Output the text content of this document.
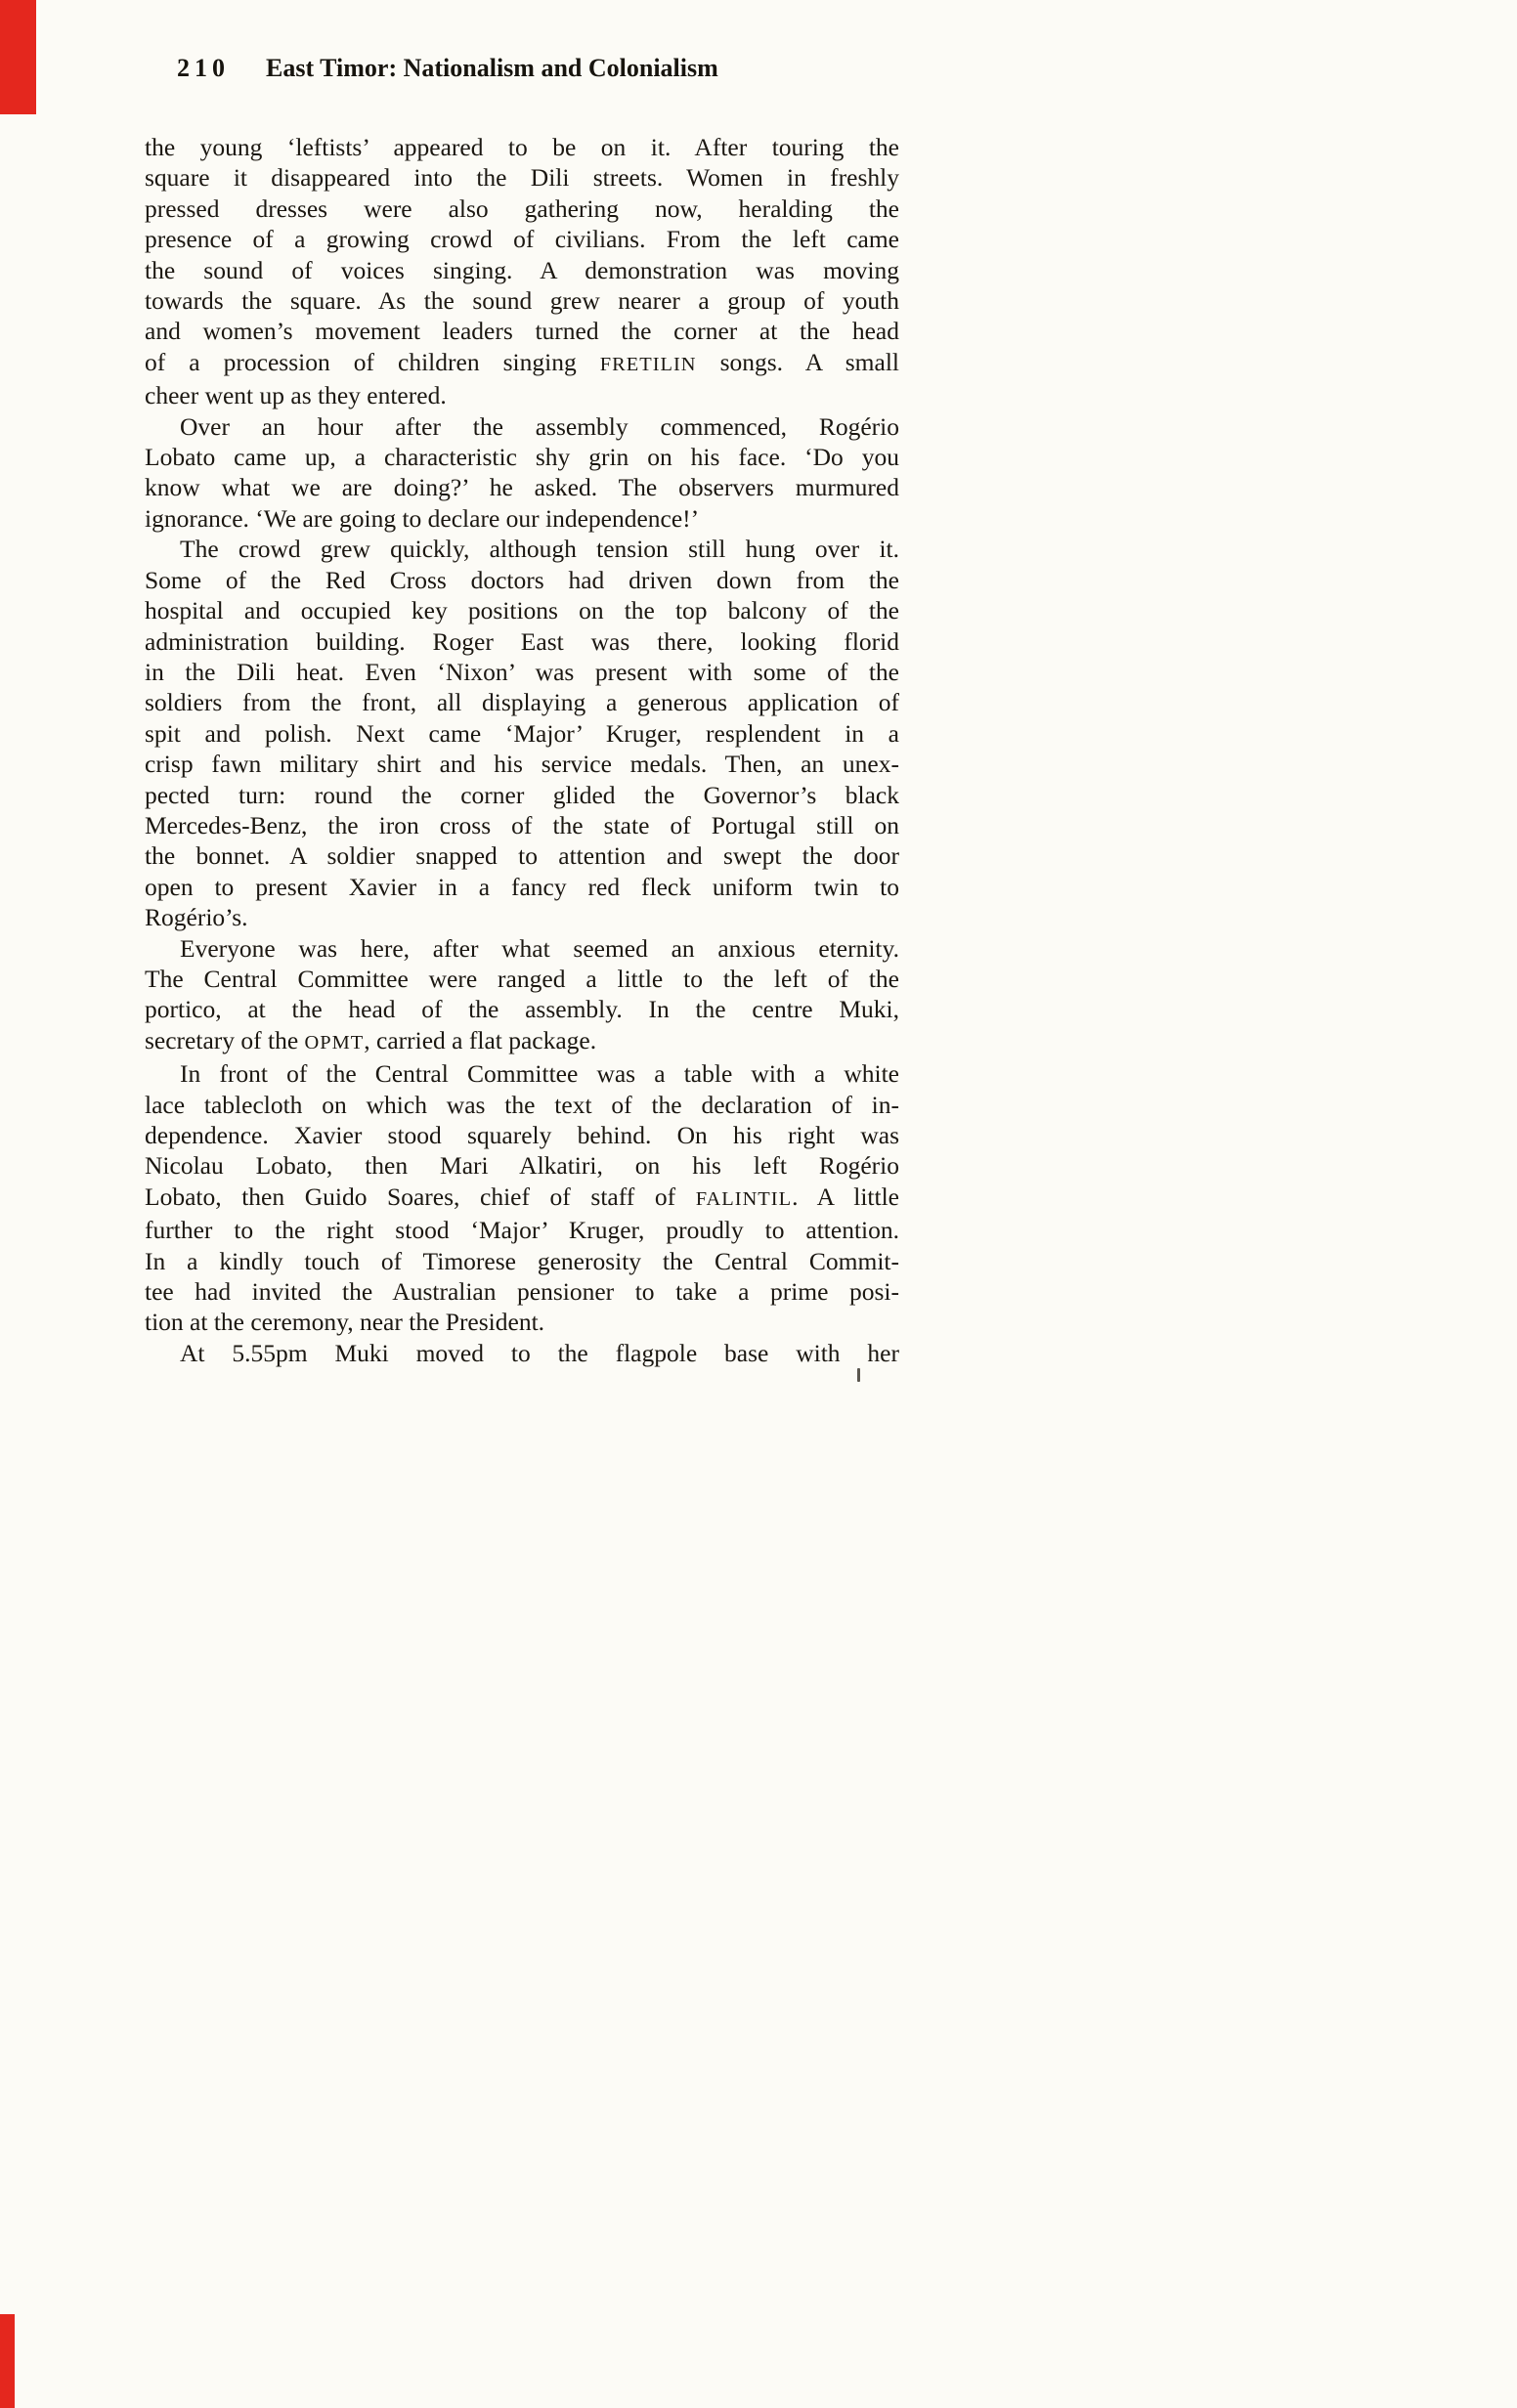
210 East Timor: Nationalism and Colonialism
the young ‘leftists’ appeared to be on it. After touring the
square it disappeared into the Dili streets. Women in freshly
pressed dresses were also gathering now, heralding the
presence of a growing crowd of civilians. From the left came
the sound of voices singing. A demonstration was moving
towards the square. As the sound grew nearer a group of youth
and women’s movement leaders turned the corner at the head
of a procession of children singing FRETILIN songs. A small
cheer went up as they entered.
Over an hour after the assembly commenced, Rogério
Lobato came up, a characteristic shy grin on his face. ‘Do you
know what we are doing?’ he asked. The observers murmured
ignorance. ‘We are going to declare our independence!’
The crowd grew quickly, although tension still hung over it.
Some of the Red Cross doctors had driven down from the
hospital and occupied key positions on the top balcony of the
administration building. Roger East was there, looking florid
in the Dili heat. Even ‘Nixon’ was present with some of the
soldiers from the front, all displaying a generous application of
spit and polish. Next came ‘Major’ Kruger, resplendent in a
crisp fawn military shirt and his service medals. Then, an unex-
pected turn: round the corner glided the Governor’s black
Mercedes-Benz, the iron cross of the state of Portugal still on
the bonnet. A soldier snapped to attention and swept the door
open to present Xavier in a fancy red fleck uniform twin to
Rogério’s.
Everyone was here, after what seemed an anxious eternity.
The Central Committee were ranged a little to the left of the
portico, at the head of the assembly. In the centre Muki,
secretary of the OPMT, carried a flat package.
In front of the Central Committee was a table with a white
lace tablecloth on which was the text of the declaration of in-
dependence. Xavier stood squarely behind. On his right was
Nicolau Lobato, then Mari Alkatiri, on his left Rogério
Lobato, then Guido Soares, chief of staff of FALINTIL. A little
further to the right stood ‘Major’ Kruger, proudly to attention.
In a kindly touch of Timorese generosity the Central Commit-
tee had invited the Australian pensioner to take a prime posi-
tion at the ceremony, near the President.
At 5.55pm Muki moved to the flagpole base with her
